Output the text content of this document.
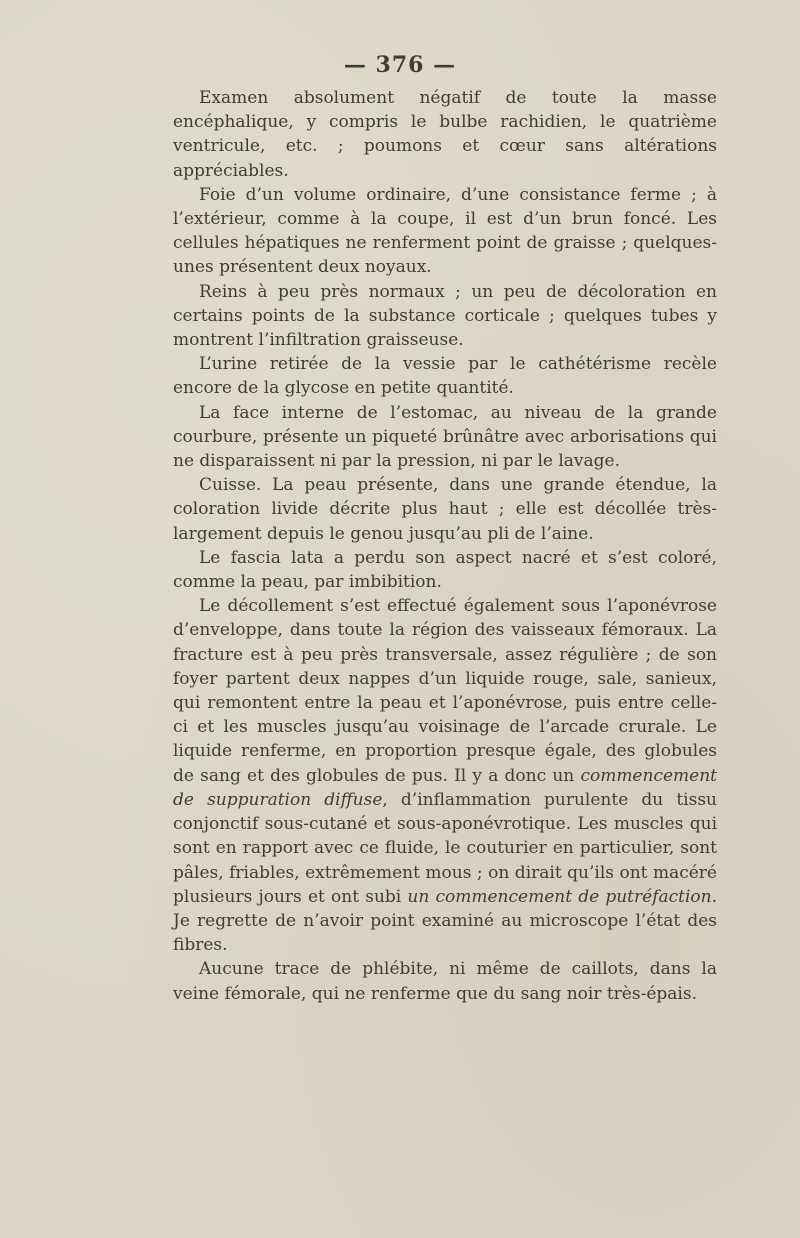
— 376 —

Examen absolument négatif de toute la masse encéphalique, y compris le bulbe rachidien, le quatrième ventricule, etc. ; poumons et cœur sans altérations appréciables.

Foie d’un volume ordinaire, d’une consistance ferme ; à l’extérieur, comme à la coupe, il est d’un brun foncé. Les cellules hépatiques ne renferment point de graisse ; quelques-unes présentent deux noyaux.

Reins à peu près normaux ; un peu de décoloration en certains points de la substance corticale ; quelques tubes y montrent l’infiltration graisseuse.

L’urine retirée de la vessie par le cathétérisme recèle encore de la glycose en petite quantité.

La face interne de l’estomac, au niveau de la grande courbure, présente un piqueté brûnâtre avec arborisations qui ne disparaissent ni par la pression, ni par le lavage.

Cuisse. La peau présente, dans une grande étendue, la coloration livide décrite plus haut ; elle est décollée très-largement depuis le genou jusqu’au pli de l’aine.

Le fascia lata a perdu son aspect nacré et s’est coloré, comme la peau, par imbibition.

Le décollement s’est effectué également sous l’aponévrose d’enveloppe, dans toute la région des vaisseaux fémoraux. La fracture est à peu près transversale, assez régulière ; de son foyer partent deux nappes d’un liquide rouge, sale, sanieux, qui remontent entre la peau et l’aponévrose, puis entre celle-ci et les muscles jusqu’au voisinage de l’arcade crurale. Le liquide renferme, en proportion presque égale, des globules de sang et des globules de pus. Il y a donc un commencement de suppuration diffuse, d’inflammation purulente du tissu conjonctif sous-cutané et sous-aponévrotique. Les muscles qui sont en rapport avec ce fluide, le couturier en particulier, sont pâles, friables, extrêmement mous ; on dirait qu’ils ont macéré plusieurs jours et ont subi un commencement de putréfaction. Je regrette de n’avoir point examiné au microscope l’état des fibres.

Aucune trace de phlébite, ni même de caillots, dans la veine fémorale, qui ne renferme que du sang noir très-épais.
